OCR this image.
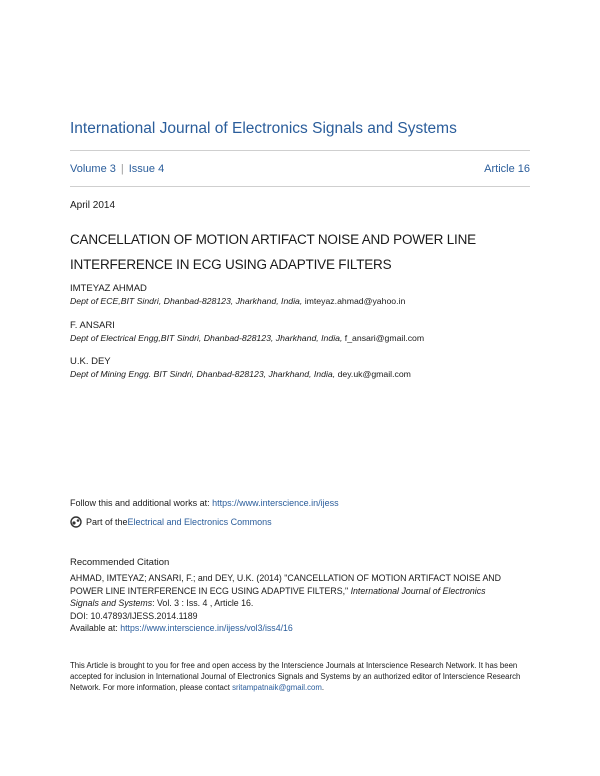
International Journal of Electronics Signals and Systems
Volume 3 | Issue 4	Article 16
April 2014
CANCELLATION OF MOTION ARTIFACT NOISE AND POWER LINE
INTERFERENCE IN ECG USING ADAPTIVE FILTERS
IMTEYAZ AHMAD
Dept of ECE,BIT Sindri, Dhanbad-828123, Jharkhand, India, imteyaz.ahmad@yahoo.in
F. ANSARI
Dept of Electrical Engg,BIT Sindri, Dhanbad-828123, Jharkhand, India, f_ansari@gmail.com
U.K. DEY
Dept of Mining Engg. BIT Sindri, Dhanbad-828123, Jharkhand, India, dey.uk@gmail.com
Follow this and additional works at: https://www.interscience.in/ijess
Part of the Electrical and Electronics Commons
Recommended Citation
AHMAD, IMTEYAZ; ANSARI, F.; and DEY, U.K. (2014) "CANCELLATION OF MOTION ARTIFACT NOISE AND
POWER LINE INTERFERENCE IN ECG USING ADAPTIVE FILTERS," International Journal of Electronics
Signals and Systems: Vol. 3 : Iss. 4 , Article 16.
DOI: 10.47893/IJESS.2014.1189
Available at: https://www.interscience.in/ijess/vol3/iss4/16
This Article is brought to you for free and open access by the Interscience Journals at Interscience Research Network. It has been accepted for inclusion in International Journal of Electronics Signals and Systems by an authorized editor of Interscience Research Network. For more information, please contact sritampatnaik@gmail.com.
